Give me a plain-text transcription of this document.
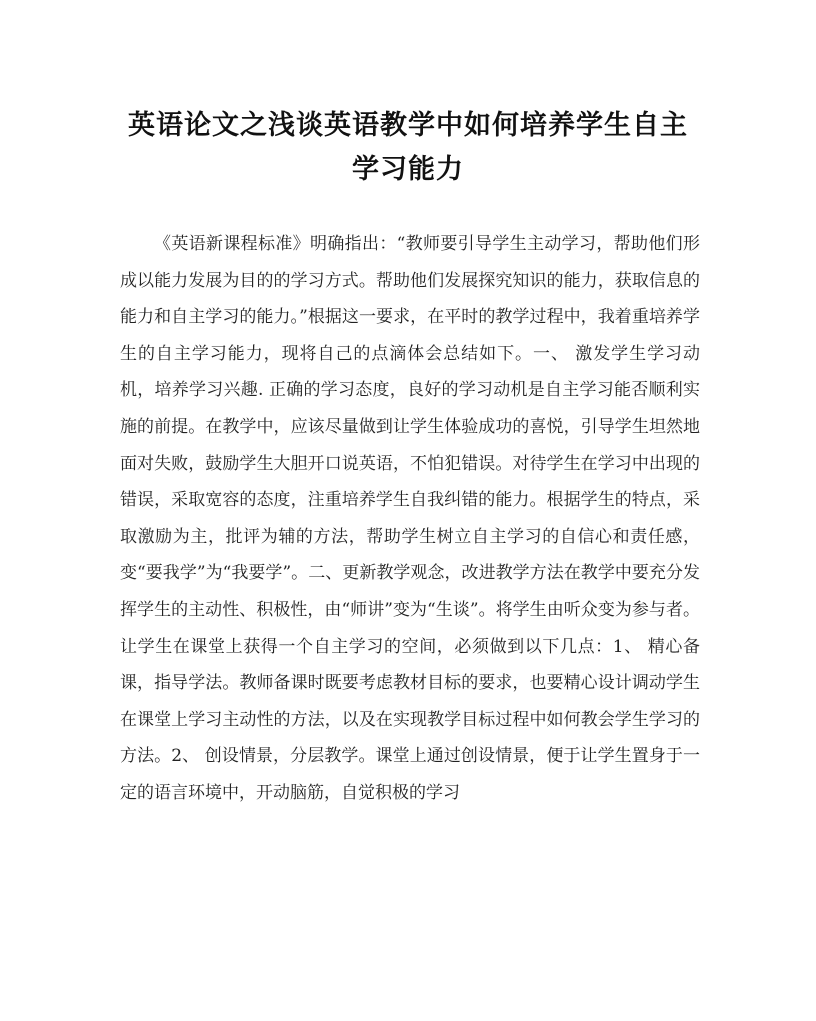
英语论文之浅谈英语教学中如何培养学生自主学习能力

《英语新课程标准》明确指出：“教师要引导学生主动学习，帮助他们形成以能力发展为目的的学习方式。帮助他们发展探究知识的能力，获取信息的能力和自主学习的能力。”根据这一要求，在平时的教学过程中，我着重培养学生的自主学习能力，现将自己的点滴体会总结如下。一、 激发学生学习动机，培养学习兴趣. 正确的学习态度，良好的学习动机是自主学习能否顺利实施的前提。在教学中，应该尽量做到让学生体验成功的喜悦，引导学生坦然地面对失败，鼓励学生大胆开口说英语，不怕犯错误。对待学生在学习中出现的错误，采取宽容的态度，注重培养学生自我纠错的能力。根据学生的特点，采取激励为主，批评为辅的方法，帮助学生树立自主学习的自信心和责任感，变“要我学”为“我要学”。二、更新教学观念，改进教学方法在教学中要充分发挥学生的主动性、积极性，由“师讲”变为“生谈”。将学生由听众变为参与者。让学生在课堂上获得一个自主学习的空间，必须做到以下几点：1、 精心备课，指导学法。教师备课时既要考虑教材目标的要求，也要精心设计调动学生在课堂上学习主动性的方法，以及在实现教学目标过程中如何教会学生学习的方法。2、 创设情景，分层教学。课堂上通过创设情景，便于让学生置身于一定的语言环境中，开动脑筋，自觉积极的学习
